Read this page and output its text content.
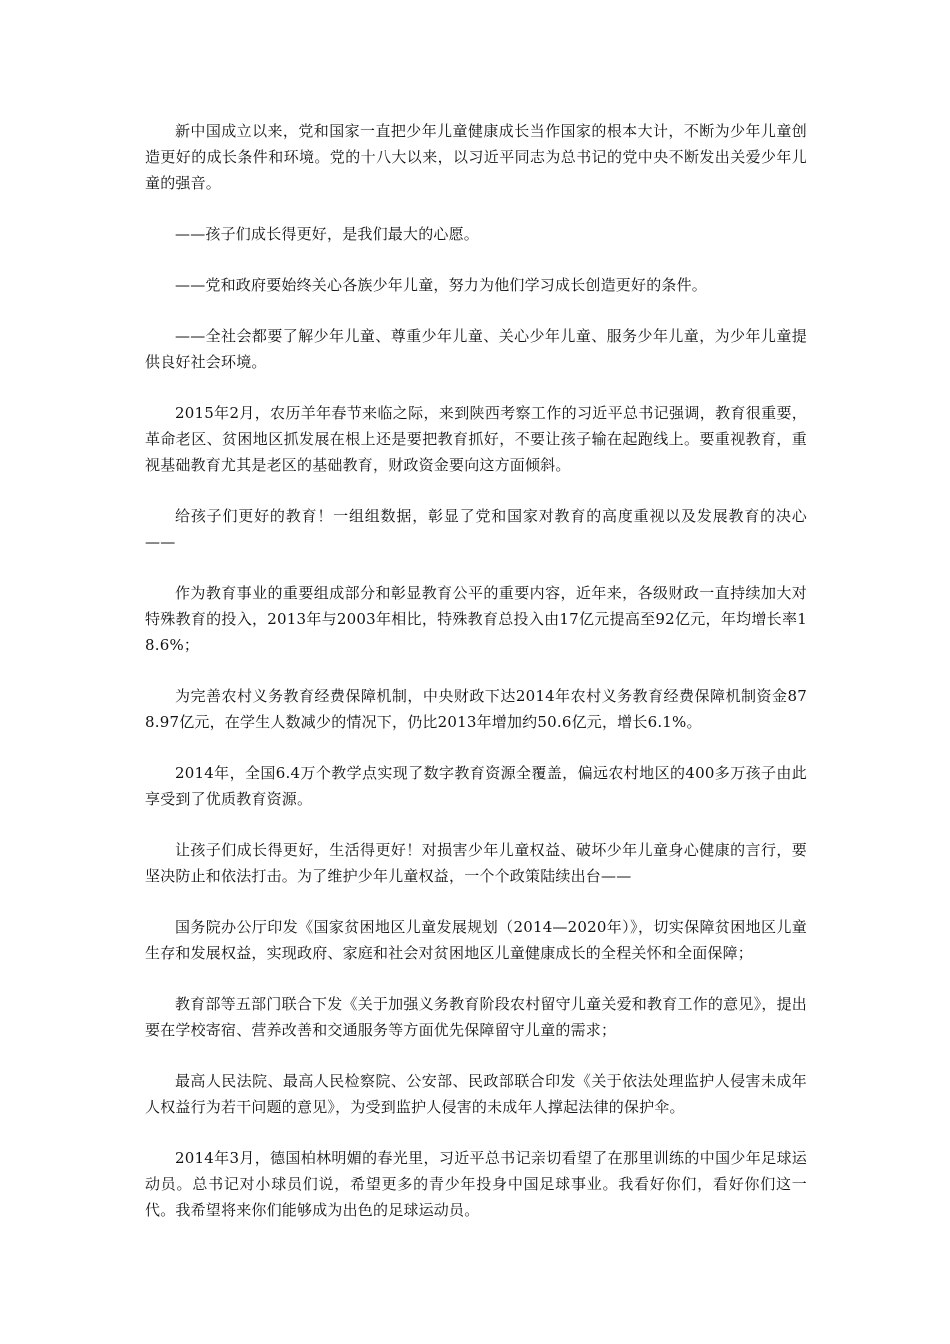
新中国成立以来，党和国家一直把少年儿童健康成长当作国家的根本大计，不断为少年儿童创造更好的成长条件和环境。党的十八大以来，以习近平同志为总书记的党中央不断发出关爱少年儿童的强音。

——孩子们成长得更好，是我们最大的心愿。

——党和政府要始终关心各族少年儿童，努力为他们学习成长创造更好的条件。

——全社会都要了解少年儿童、尊重少年儿童、关心少年儿童、服务少年儿童，为少年儿童提供良好社会环境。

2015年2月，农历羊年春节来临之际，来到陕西考察工作的习近平总书记强调，教育很重要，革命老区、贫困地区抓发展在根上还是要把教育抓好，不要让孩子输在起跑线上。要重视教育，重视基础教育尤其是老区的基础教育，财政资金要向这方面倾斜。

给孩子们更好的教育！一组组数据，彰显了党和国家对教育的高度重视以及发展教育的决心——

作为教育事业的重要组成部分和彰显教育公平的重要内容，近年来，各级财政一直持续加大对特殊教育的投入，2013年与2003年相比，特殊教育总投入由17亿元提高至92亿元，年均增长率18.6%；

为完善农村义务教育经费保障机制，中央财政下达2014年农村义务教育经费保障机制资金878.97亿元，在学生人数减少的情况下，仍比2013年增加约50.6亿元，增长6.1%。

2014年，全国6.4万个教学点实现了数字教育资源全覆盖，偏远农村地区的400多万孩子由此享受到了优质教育资源。

让孩子们成长得更好，生活得更好！对损害少年儿童权益、破坏少年儿童身心健康的言行，要坚决防止和依法打击。为了维护少年儿童权益，一个个政策陆续出台——

国务院办公厅印发《国家贫困地区儿童发展规划（2014—2020年）》，切实保障贫困地区儿童生存和发展权益，实现政府、家庭和社会对贫困地区儿童健康成长的全程关怀和全面保障；

教育部等五部门联合下发《关于加强义务教育阶段农村留守儿童关爱和教育工作的意见》，提出要在学校寄宿、营养改善和交通服务等方面优先保障留守儿童的需求；

最高人民法院、最高人民检察院、公安部、民政部联合印发《关于依法处理监护人侵害未成年人权益行为若干问题的意见》，为受到监护人侵害的未成年人撑起法律的保护伞。

2014年3月，德国柏林明媚的春光里，习近平总书记亲切看望了在那里训练的中国少年足球运动员。总书记对小球员们说，希望更多的青少年投身中国足球事业。我看好你们，看好你们这一代。我希望将来你们能够成为出色的足球运动员。
